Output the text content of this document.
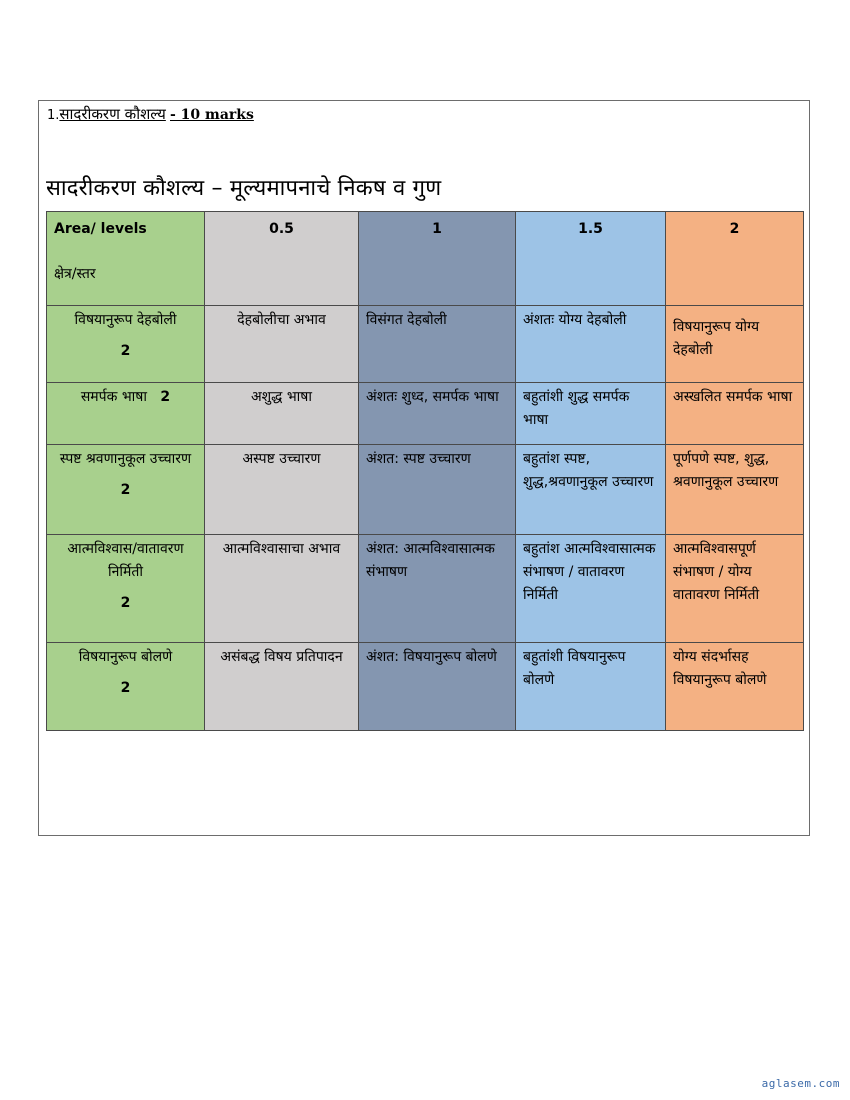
1.सादरीकरण कौशल्य - 10 marks
सादरीकरण कौशल्य – मूल्यमापनाचे निकष व गुण
Area/ levels
क्षेत्र/स्तर	0.5	1	1.5	2

विषयानुरूप देहबोली
2	देहबोलीचा अभाव	विसंगत देहबोली	अंशतः योग्य देहबोली	विषयानुरूप योग्य देहबोली

समर्पक भाषा 2	अशुद्ध भाषा	अंशतः शुध्द, समर्पक भाषा	बहुतांशी शुद्ध समर्पक भाषा	अस्खलित समर्पक भाषा

स्पष्ट श्रवणानुकूल उच्चारण
2	अस्पष्ट उच्चारण	अंशत: स्पष्ट उच्चारण	बहुतांश स्पष्ट, शुद्ध,श्रवणानुकूल उच्चारण	पूर्णपणे स्पष्ट, शुद्ध, श्रवणानुकूल उच्चारण

आत्मविश्वास/वातावरण निर्मिती
2	आत्मविश्वासाचा अभाव	अंशत: आत्मविश्वासात्मक संभाषण	बहुतांश आत्मविश्वासात्मक संभाषण / वातावरण निर्मिती	आत्मविश्वासपूर्ण संभाषण / योग्य वातावरण निर्मिती

विषयानुरूप बोलणे
2	असंबद्ध विषय प्रतिपादन	अंशत: विषयानुरूप बोलणे	बहुतांशी विषयानुरूप बोलणे	योग्य संदर्भासह विषयानुरूप बोलणे
aglasem.com
